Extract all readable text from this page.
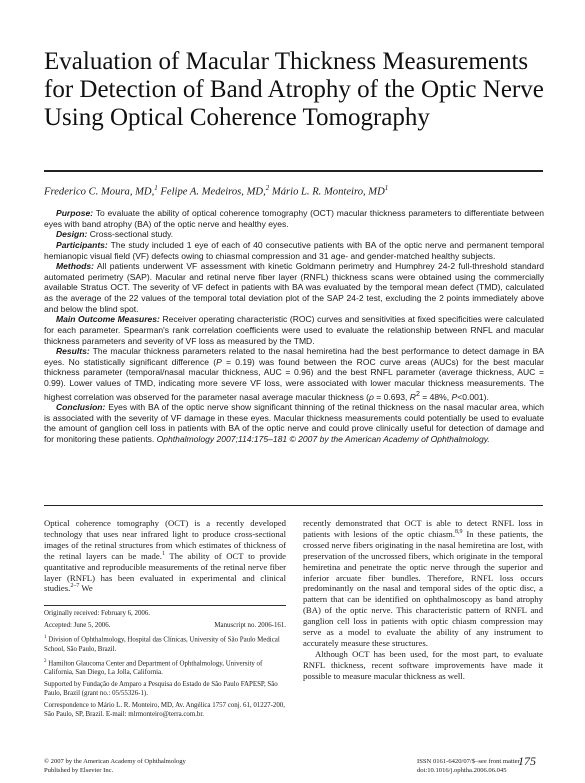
Evaluation of Macular Thickness Measurements for Detection of Band Atrophy of the Optic Nerve Using Optical Coherence Tomography
Frederico C. Moura, MD,$^1$ Felipe A. Medeiros, MD,$^2$ Mário L. R. Monteiro, $MD^1$

Purpose: To evaluate the ability of optical coherence tomography (OCT) macular thickness parameters to differentiate between eyes with band atrophy (BA) of the optic nerve and healthy eyes.

Design: Cross-sectional study.

Participants: The study included 1 eye of each of 40 consecutive patients with BA of the optic nerve and permanent temporal hemianopic visual field (VF) defects owing to chiasmal compression and 31 age- and gender-matched healthy subjects.

Methods: All patients underwent VF assessment with kinetic Goldmann perimetry and Humphrey 24-2 full-threshold standard automated perimetry (SAP). Macular and retinal nerve fiber layer (RNFL) thickness scans were obtained using the commercially available Stratus OCT. The severity of VF defect in patients with BA was evaluated by the temporal mean defect (TMD), calculated as the average of the 22 values of the temporal total deviation plot of the SAP 24-2 test, excluding the 2 points immediately above and below the blind spot.

Main Outcome Measures: Receiver operating characteristic (ROC) curves and sensitivities at fixed specificities were calculated for each parameter. Spearman's rank correlation coefficients were used to evaluate the relationship between RNFL and macular thickness parameters and severity of VF loss as measured by the TMD.

Results: The macular thickness parameters related to the nasal hemiretina had the best performance to detect damage in BA eyes. No statistically significant difference (P = 0.19) was found between the ROC curve areas (AUCs) for the best macular thickness parameter (temporal/nasal macular thickness, AUC = 0.96) and the best RNFL parameter (average thickness, AUC = 0.99). Lower values of TMD, indicating more severe VF loss, were associated with lower macular thickness measurements. The highest correlation was observed for the parameter nasal average macular thickness (ρ = 0.693, $R^2 = 48\%$, P<0.001).

Conclusion: Eyes with BA of the optic nerve show significant thinning of the retinal thickness on the nasal macular area, which is associated with the severity of VF damage in these eyes. Macular thickness measurements could potentially be used to evaluate the amount of ganglion cell loss in patients with BA of the optic nerve and could prove clinically useful for detection of damage and for monitoring these patients. Ophthalmology 2007;114:175–181 © 2007 by the American Academy of Ophthalmology.

Optical coherence tomography (OCT) is a recently developed technology that uses near infrared light to produce cross-sectional images of the retinal structures from which estimates of thickness of the retinal layers can be made.$^1$ The ability of OCT to provide quantitative and reproducible measurements of the retinal nerve fiber layer (RNFL) has been evaluated in experimental and clinical studies.$^{2-7}$ We

Originally received: February 6, 2006.

Accepted: June 5, 2006.	Manuscript no. 2006-161.

$^1$ Division of Ophthalmology, Hospital das Clínicas, University of São Paulo Medical School, São Paulo, Brazil.

$^2$ Hamilton Glaucoma Center and Department of Ophthalmology, University of California, San Diego, La Jolla, California.

Supported by Fundação de Amparo a Pesquisa do Estado de São Paulo FAPESP, São Paulo, Brazil (grant no.: 05/55326-1).

Correspondence to Mário L. R. Monteiro, MD, Av. Angélica 1757 conj. 61, 01227-200, São Paulo, SP, Brazil. E-mail: mlrmonteiro@terra.com.br.

recently demonstrated that OCT is able to detect RNFL loss in patients with lesions of the optic chiasm.$^{8,9}$ In these patients, the crossed nerve fibers originating in the nasal hemiretina are lost, with preservation of the uncrossed fibers, which originate in the temporal hemiretina and penetrate the optic nerve through the superior and inferior arcuate fiber bundles. Therefore, RNFL loss occurs predominantly on the nasal and temporal sides of the optic disc, a pattern that can be identified on ophthalmoscopy as band atrophy (BA) of the optic nerve. This characteristic pattern of RNFL and ganglion cell loss in patients with optic chiasm compression may serve as a model to evaluate the ability of any instrument to accurately measure these structures.

Although OCT has been used, for the most part, to evaluate RNFL thickness, recent software improvements have made it possible to measure macular thickness as well.

© 2007 by the American Academy of Ophthalmology
Published by Elsevier Inc.
ISSN 0161-6420/07/$–see front matter
doi:10.1016/j.ophtha.2006.06.045
175
